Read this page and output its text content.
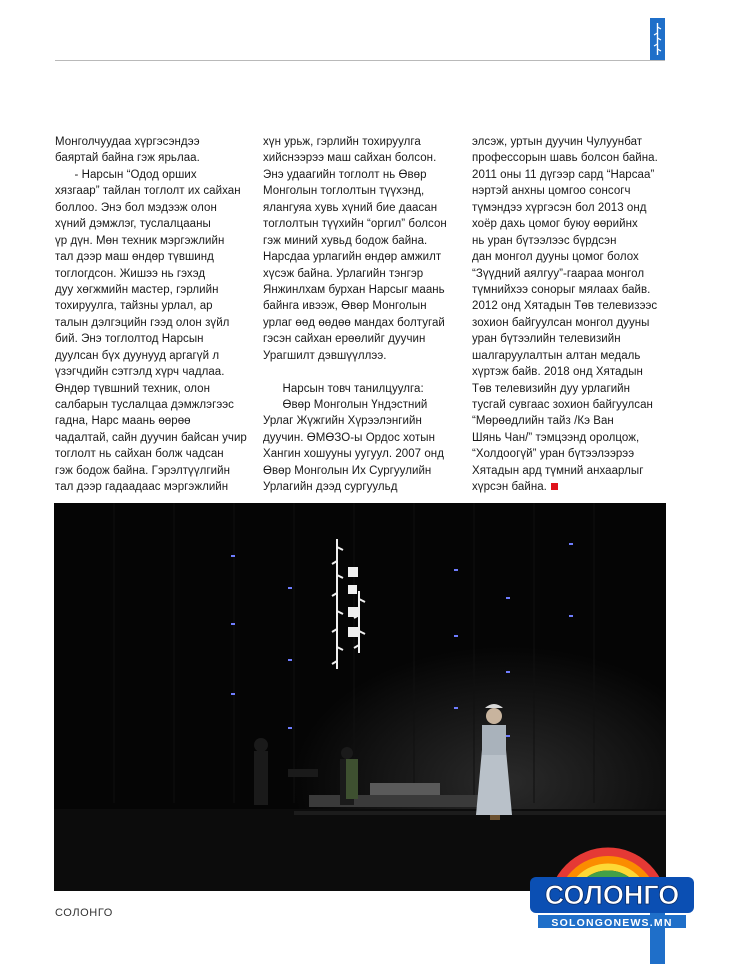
Монголчуудаа хүргэсэндээ
баяртай байна гэж ярьлаа.
- Нарсын “Одод орших
хязгаар” тайлан тоглолт их сайхан
боллоо. Энэ бол мэдээж олон
хүний дэмжлэг, туслалцааны
үр дүн. Мөн техник мэргэжлийн
тал дээр маш өндөр түвшинд
тоглогдсон. Жишээ нь гэхэд
дуу хөгжмийн мастер, гэрлийн
тохируулга, тайзны урлал, ар
талын дэлгэцийн гээд олон зүйл
бий. Энэ тоглолтод Нарсын
дуулсан бүх дуунууд аргагүй л
үзэгчдийн сэтгэлд хүрч чадлаа.
Өндөр түвшний техник, олон
салбарын туслалцаа дэмжлэгээс
гадна, Нарс маань өөрөө
чадалтай, сайн дуучин байсан учир
тоглолт нь сайхан болж чадсан
гэж бодож байна. Гэрэлтүүлгийн
тал дээр гадаадаас мэргэжлийн
хүн урьж, гэрлийн тохируулга
хийснээрээ маш сайхан болсон.
Энэ удаагийн тоглолт нь Өвөр
Монголын тоглолтын түүхэнд,
ялангуяа хувь хүний бие даасан
тоглолтын түүхийн “оргил” болсон
гэж миний хувьд бодож байна.
Нарсдаа урлагийн өндөр амжилт
хүсэж байна. Урлагийн тэнгэр
Янжинлхам бурхан Нарсыг маань
байнга ивээж, Өвөр Монголын
урлаг өөд өөдөө мандах болтугай
гэсэн сайхан ерөөлийг дуучин
Урагшилт дэвшүүллээ.
Нарсын товч танилцуулга:
Өвөр Монголын Үндэстний
Урлаг Жүжгийн Хүрээлэнгийн
дуучин. ӨМӨЗО-ы Ордос хотын
Хангин хошууны уугуул. 2007 онд
Өвөр Монголын Их Сургуулийн
Урлагийн дээд сургуульд
элсэж, уртын дуучин Чулуунбат
профессорын шавь болсон байна.
2011 оны 11 дүгээр сард “Нарсаа”
нэртэй анхны цомгоо сонсогч
түмэндээ хүргэсэн бол 2013 онд
хоёр дахь цомог буюу өөрийнх
нь уран бүтээлээс бүрдсэн
дан монгол дууны цомог болох
“Зүүдний аялгуу”-гаараа монгол
түмнийхээ сонорыг мялаах байв.
2012 онд Хятадын Төв телевизээс
зохион байгуулсан монгол дууны
уран бүтээлийн телевизийн
шалгаруулалтын алтан медаль
хүртэж байв. 2018 онд Хятадын
Төв телевизийн дуу урлагийн
тусгай сувгаас зохион байгуулсан
“Мөрөөдлийн тайз /Кэ Ван
Шянь Чан/” тэмцээнд оролцож,
“Холдоогүй” уран бүтээлээрээ
Хятадын ард түмний анхаарлыг
хүрсэн байна.
СОЛОНГО
СОЛОНГО
SOLONGONEWS.MN
